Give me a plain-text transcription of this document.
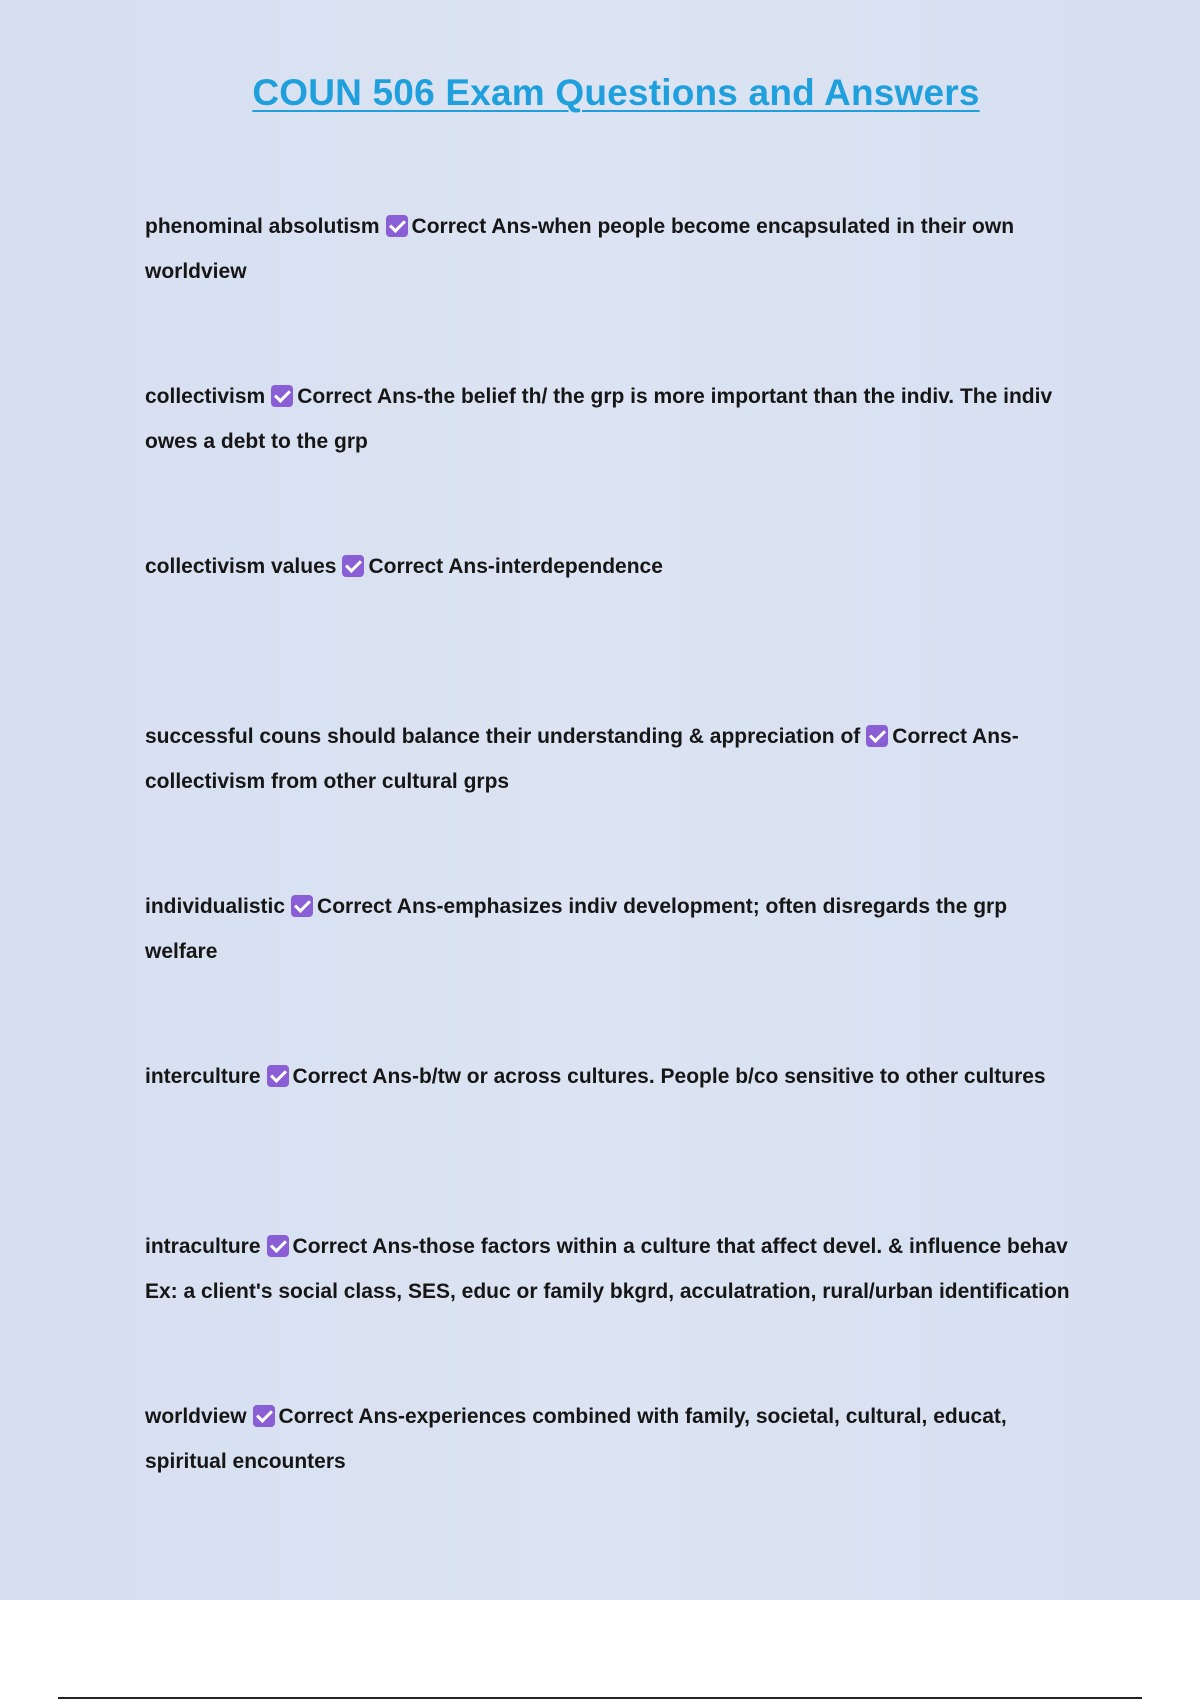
COUN 506 Exam Questions and Answers

phenominal absolutism Correct Ans-when people become encapsulated in their own worldview

collectivism Correct Ans-the belief th/ the grp is more important than the indiv. The indiv owes a debt to the grp

collectivism values Correct Ans-interdependence

successful couns should balance their understanding & appreciation of Correct Ans-collectivism from other cultural grps

individualistic Correct Ans-emphasizes indiv development; often disregards the grp welfare

interculture Correct Ans-b/tw or across cultures. People b/co sensitive to other cultures

intraculture Correct Ans-those factors within a culture that affect devel. & influence behav Ex: a client's social class, SES, educ or family bkgrd, acculatration, rural/urban identification

worldview Correct Ans-experiences combined with family, societal, cultural, educat, spiritual encounters
